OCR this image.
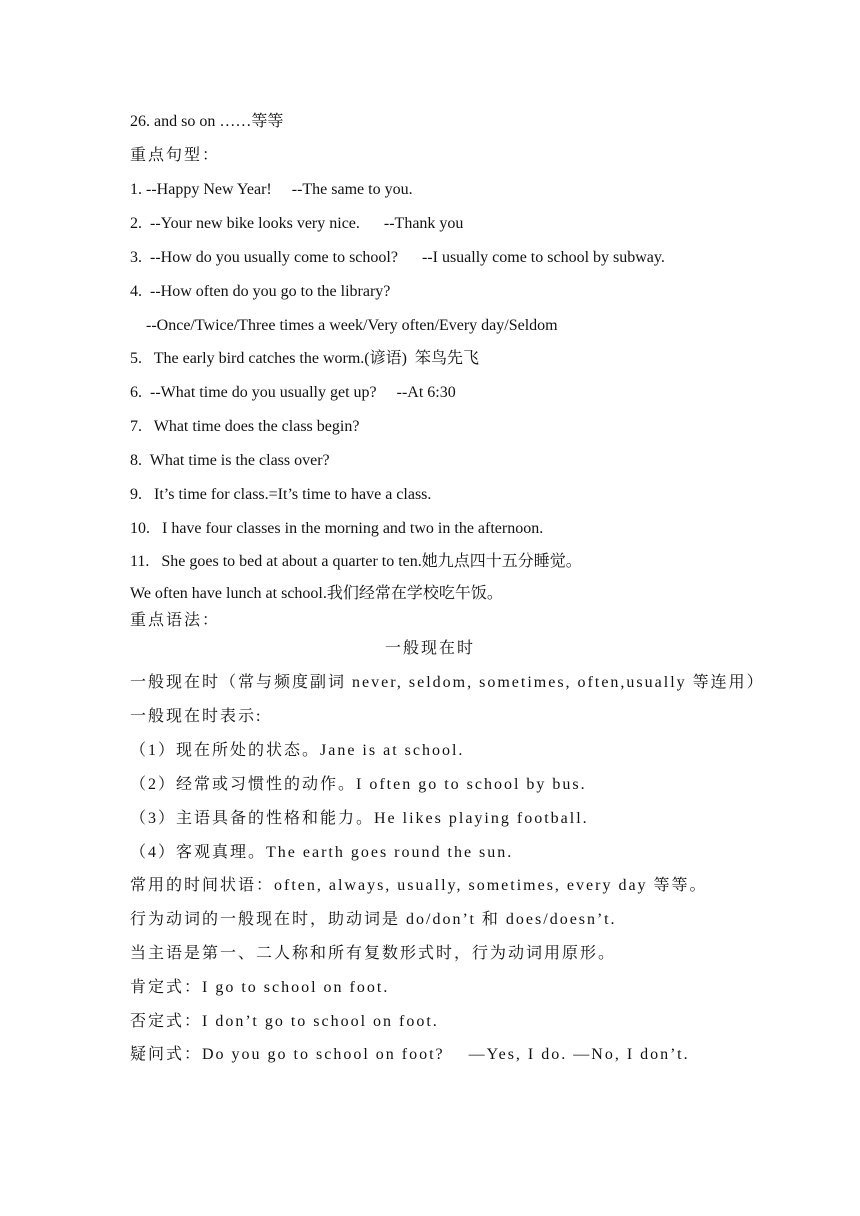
26. and so on ……等等
重点句型：
1. --Happy New Year!     --The same to you.
2.  --Your new bike looks very nice.      --Thank you
3.  --How do you usually come to school?      --I usually come to school by subway.
4.  --How often do you go to the library?
--Once/Twice/Three times a week/Very often/Every day/Seldom
5.   The early bird catches the worm.(谚语)  笨鸟先飞
6.  --What time do you usually get up?     --At 6:30
7.   What time does the class begin?
8.  What time is the class over?
9.   It’s time for class.=It’s time to have a class.
10.   I have four classes in the morning and two in the afternoon.
11.   She goes to bed at about a quarter to ten.她九点四十五分睡觉。
We often have lunch at school.我们经常在学校吃午饭。
重点语法：
一般现在时
一般现在时（常与频度副词 never, seldom, sometimes, often,usually 等连用）
一般现在时表示:
（1）现在所处的状态。Jane is at school.
（2）经常或习惯性的动作。I often go to school by bus.
（3）主语具备的性格和能力。He likes playing football.
（4）客观真理。The earth goes round the sun.
常用的时间状语：often, always, usually, sometimes, every day 等等。
行为动词的一般现在时，助动词是 do/don’t 和 does/doesn’t.
当主语是第一、二人称和所有复数形式时，行为动词用原形。
肯定式：I go to school on foot.
否定式：I don’t go to school on foot.
疑问式：Do you go to school on foot?    —Yes, I do. —No, I don’t.
